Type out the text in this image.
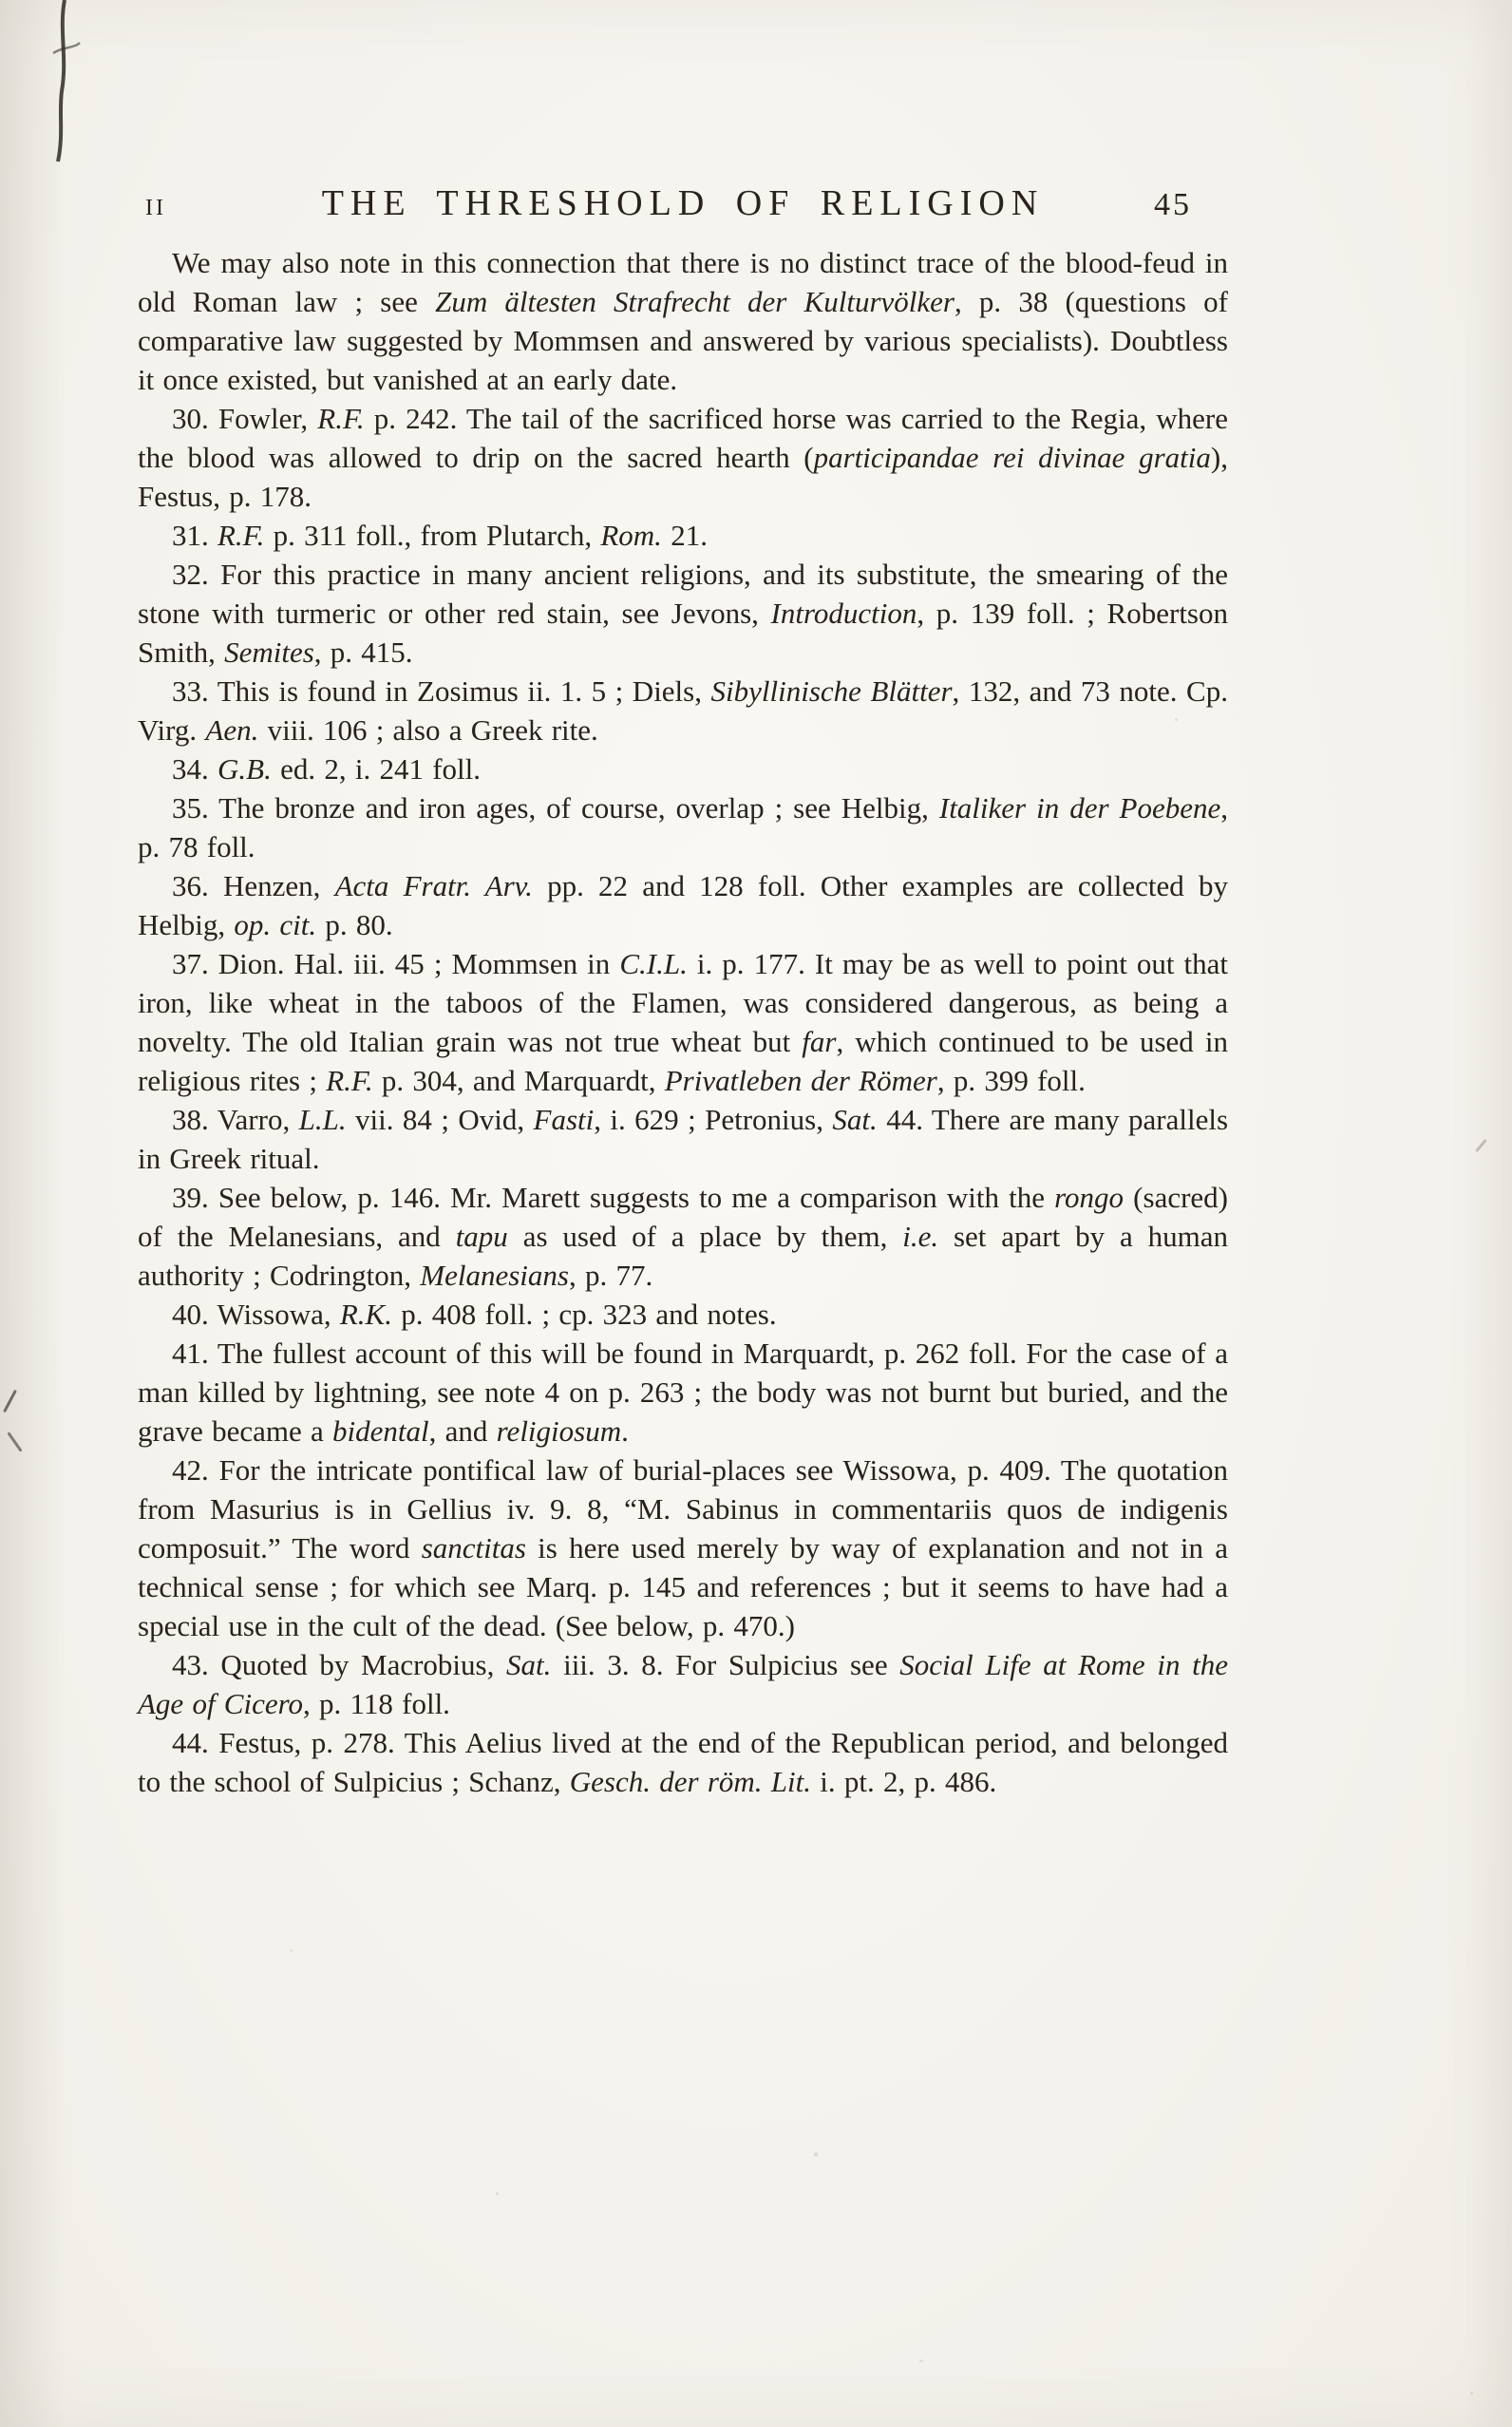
II	THE THRESHOLD OF RELIGION	45

We may also note in this connection that there is no distinct trace of the blood-feud in old Roman law ; see Zum ältesten Strafrecht der Kulturvölker, p. 38 (questions of comparative law suggested by Mommsen and answered by various specialists). Doubtless it once existed, but vanished at an early date.

30. Fowler, R.F. p. 242. The tail of the sacrificed horse was carried to the Regia, where the blood was allowed to drip on the sacred hearth (participandae rei divinae gratia), Festus, p. 178.

31. R.F. p. 311 foll., from Plutarch, Rom. 21.

32. For this practice in many ancient religions, and its substitute, the smearing of the stone with turmeric or other red stain, see Jevons, Introduction, p. 139 foll. ; Robertson Smith, Semites, p. 415.

33. This is found in Zosimus ii. 1. 5 ; Diels, Sibyllinische Blätter, 132, and 73 note. Cp. Virg. Aen. viii. 106 ; also a Greek rite.

34. G.B. ed. 2, i. 241 foll.

35. The bronze and iron ages, of course, overlap ; see Helbig, Italiker in der Poebene, p. 78 foll.

36. Henzen, Acta Fratr. Arv. pp. 22 and 128 foll. Other examples are collected by Helbig, op. cit. p. 80.

37. Dion. Hal. iii. 45 ; Mommsen in C.I.L. i. p. 177. It may be as well to point out that iron, like wheat in the taboos of the Flamen, was considered dangerous, as being a novelty. The old Italian grain was not true wheat but far, which continued to be used in religious rites ; R.F. p. 304, and Marquardt, Privatleben der Römer, p. 399 foll.

38. Varro, L.L. vii. 84 ; Ovid, Fasti, i. 629 ; Petronius, Sat. 44. There are many parallels in Greek ritual.

39. See below, p. 146. Mr. Marett suggests to me a comparison with the rongo (sacred) of the Melanesians, and tapu as used of a place by them, i.e. set apart by a human authority ; Codrington, Melanesians, p. 77.

40. Wissowa, R.K. p. 408 foll. ; cp. 323 and notes.

41. The fullest account of this will be found in Marquardt, p. 262 foll. For the case of a man killed by lightning, see note 4 on p. 263 ; the body was not burnt but buried, and the grave became a bidental, and religiosum.

42. For the intricate pontifical law of burial-places see Wissowa, p. 409. The quotation from Masurius is in Gellius iv. 9. 8, “M. Sabinus in commentariis quos de indigenis composuit.” The word sanctitas is here used merely by way of explanation and not in a technical sense ; for which see Marq. p. 145 and references ; but it seems to have had a special use in the cult of the dead. (See below, p. 470.)

43. Quoted by Macrobius, Sat. iii. 3. 8. For Sulpicius see Social Life at Rome in the Age of Cicero, p. 118 foll.

44. Festus, p. 278. This Aelius lived at the end of the Republican period, and belonged to the school of Sulpicius ; Schanz, Gesch. der röm. Lit. i. pt. 2, p. 486.
